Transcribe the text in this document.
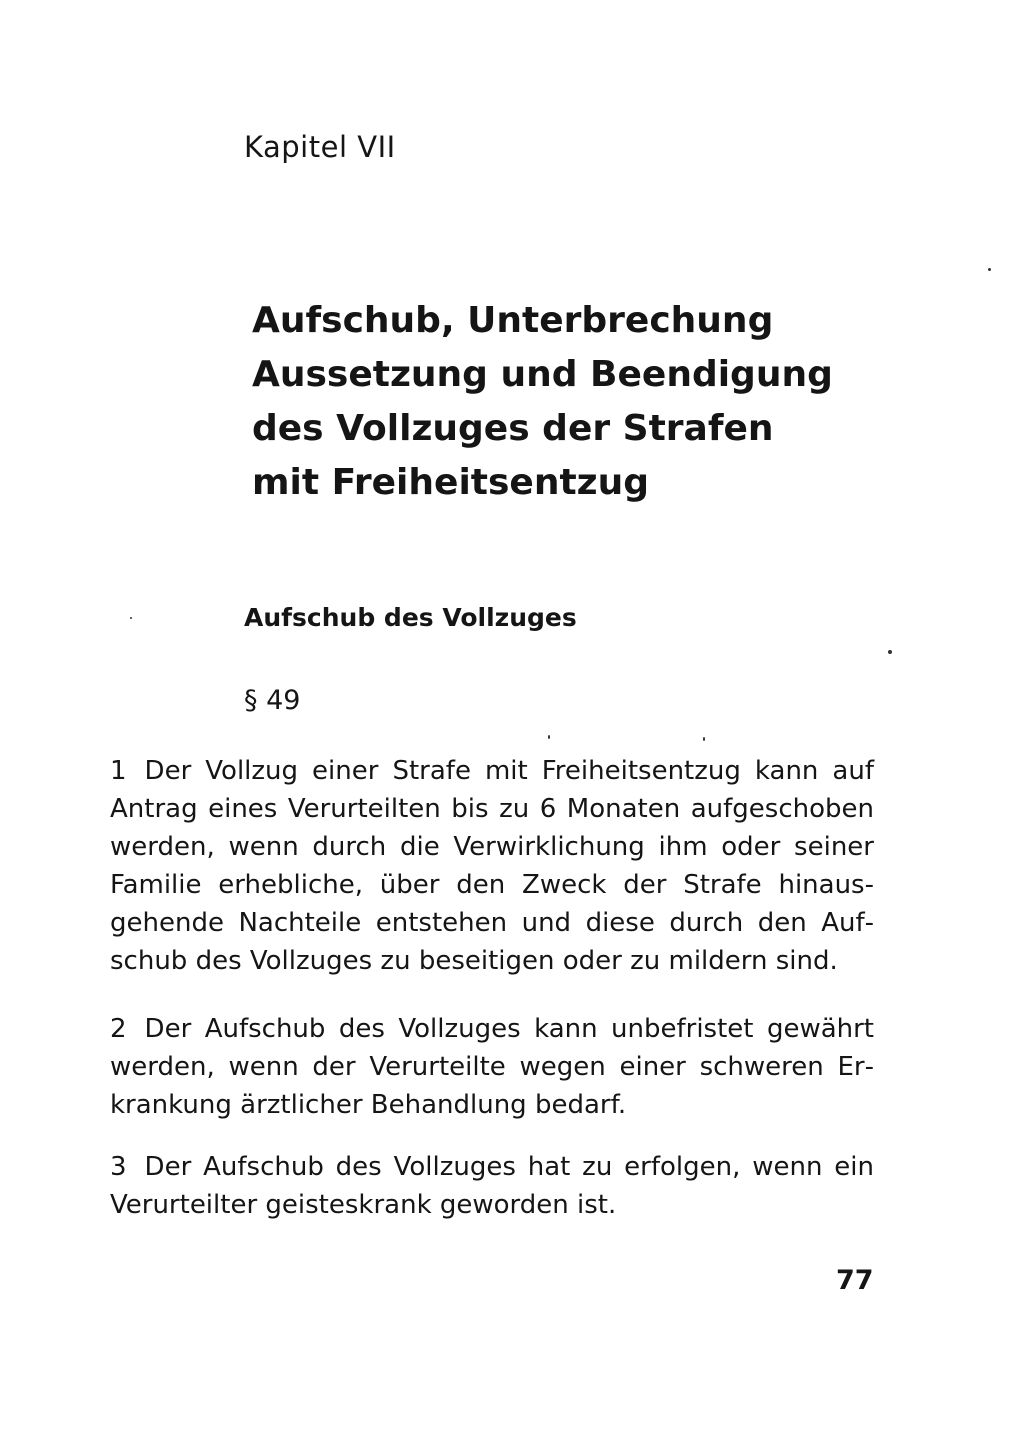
Kapitel VII
Aufschub, Unterbrechung
Aussetzung und Beendigung
des Vollzuges der Strafen
mit Freiheitsentzug
Aufschub des Vollzuges
§ 49

1 Der Vollzug einer Strafe mit Freiheitsentzug kann auf Antrag eines Verurteilten bis zu 6 Monaten aufgeschoben werden, wenn durch die Verwirklichung ihm oder seiner Familie erhebliche, über den Zweck der Strafe hinausgehende Nachteile entstehen und diese durch den Aufschub des Vollzuges zu beseitigen oder zu mildern sind.

2 Der Aufschub des Vollzuges kann unbefristet gewährt werden, wenn der Verurteilte wegen einer schweren Erkrankung ärztlicher Behandlung bedarf.

3 Der Aufschub des Vollzuges hat zu erfolgen, wenn ein Verurteilter geisteskrank geworden ist.

77
